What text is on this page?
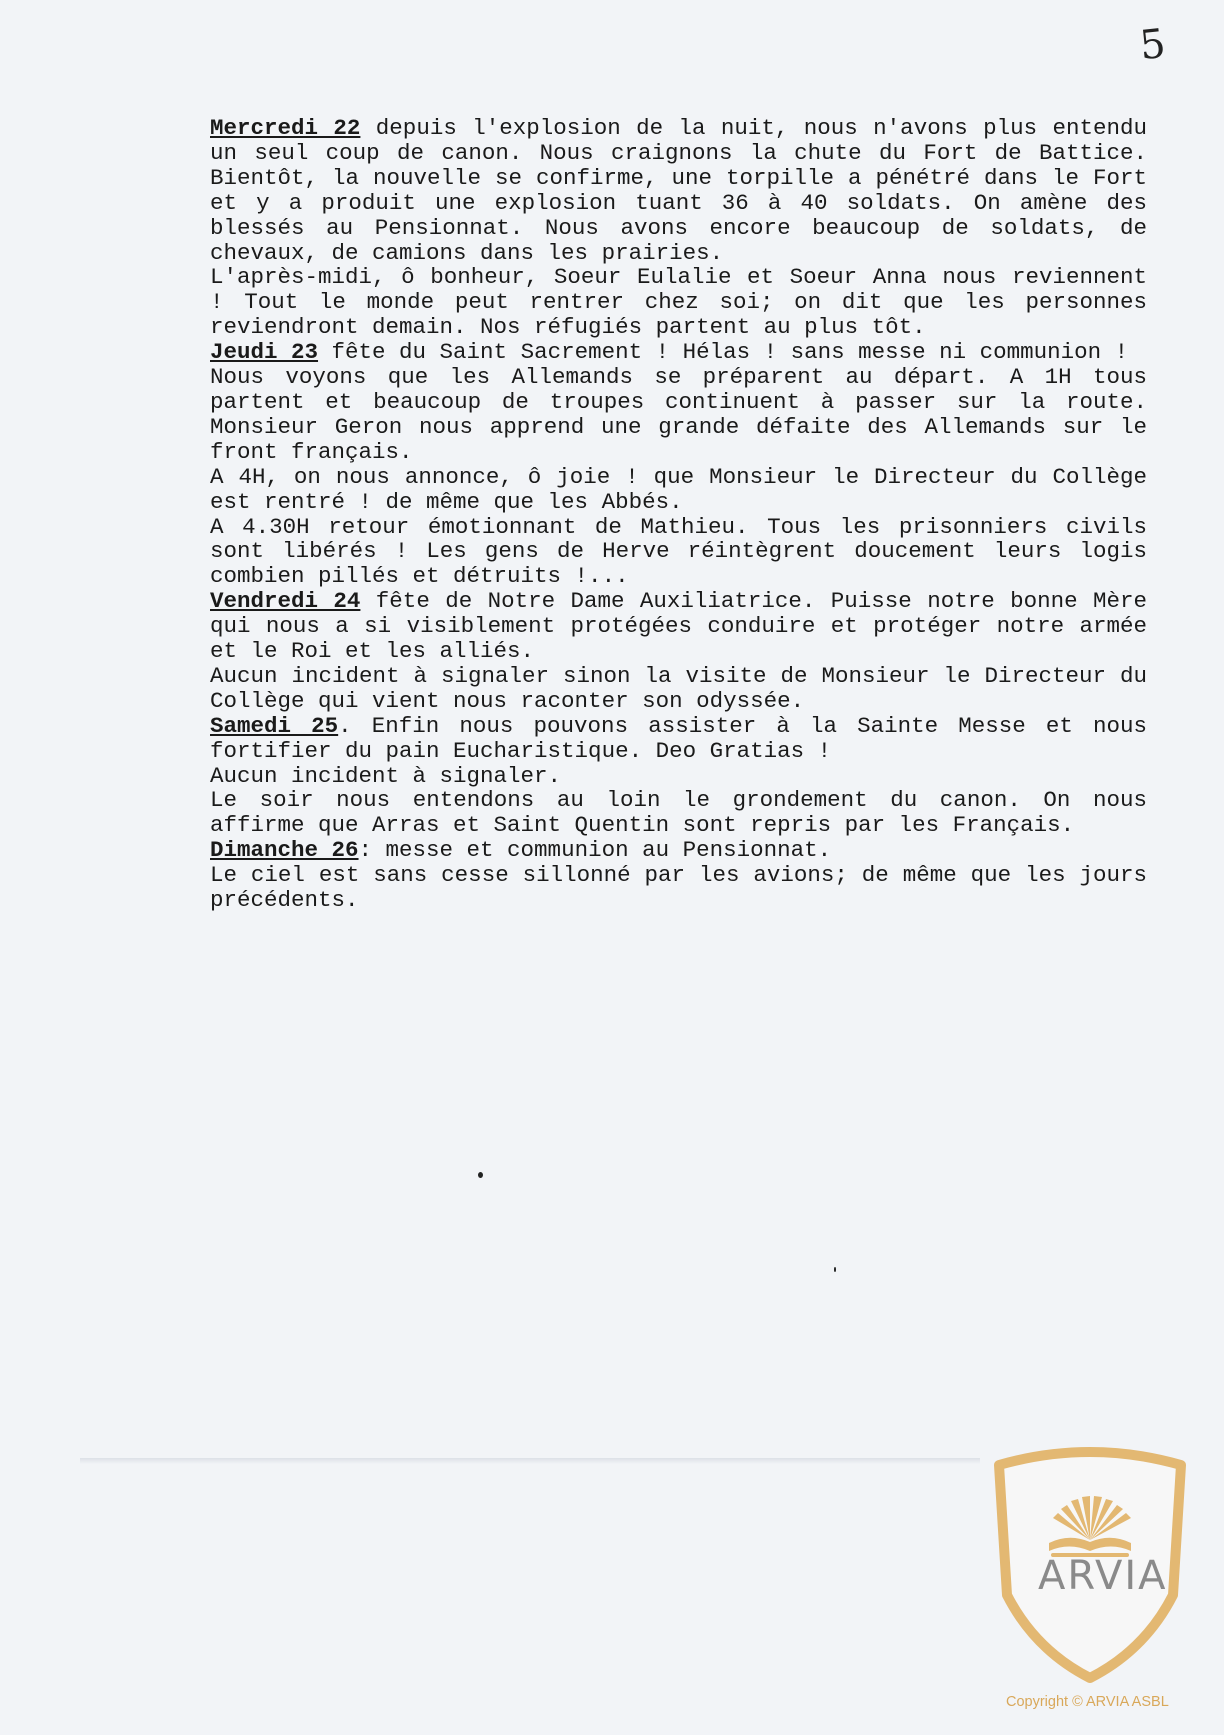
5

Mercredi 22 depuis l'explosion de la nuit, nous n'avons plus entendu un seul coup de canon. Nous craignons la chute du Fort de Battice. Bientôt, la nouvelle se confirme, une torpille a pénétré dans le Fort et y a produit une explosion tuant 36 à 40 soldats. On amène des blessés au Pensionnat. Nous avons encore beaucoup de soldats, de chevaux, de camions dans les prairies.

L'après-midi, ô bonheur, Soeur Eulalie et Soeur Anna nous reviennent ! Tout le monde peut rentrer chez soi; on dit que les personnes reviendront demain. Nos réfugiés partent au plus tôt.

Jeudi 23 fête du Saint Sacrement ! Hélas ! sans messe ni communion !

Nous voyons que les Allemands se préparent au départ. A 1H tous partent et beaucoup de troupes continuent à passer sur la route. Monsieur Geron nous apprend une grande défaite des Allemands sur le front français.

A 4H, on nous annonce, ô joie ! que Monsieur le Directeur du Collège est rentré ! de même que les Abbés.

A 4.30H retour émotionnant de Mathieu. Tous les prisonniers civils sont libérés ! Les gens de Herve réintègrent doucement leurs logis combien pillés et détruits !...

Vendredi 24 fête de Notre Dame Auxiliatrice. Puisse notre bonne Mère qui nous a si visiblement protégées conduire et protéger notre armée et le Roi et les alliés.

Aucun incident à signaler sinon la visite de Monsieur le Directeur du Collège qui vient nous raconter son odyssée.

Samedi 25. Enfin nous pouvons assister à la Sainte Messe et nous fortifier du pain Eucharistique. Deo Gratias !

Aucun incident à signaler.

Le soir nous entendons au loin le grondement du canon. On nous affirme que Arras et Saint Quentin sont repris par les Français.

Dimanche 26: messe et communion au Pensionnat.

Le ciel est sans cesse sillonné par les avions; de même que les jours précédents.

ARVIA
Copyright © ARVIA ASBL
